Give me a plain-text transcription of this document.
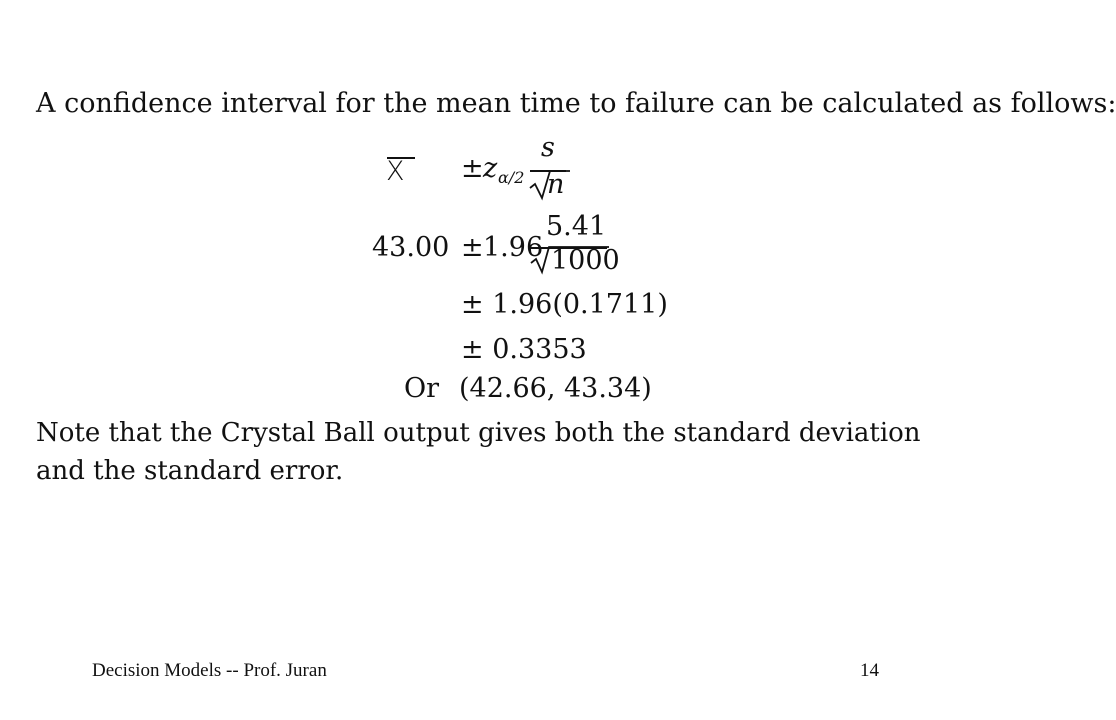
A confidence interval for the mean time to failure can be calculated as follows:
X ± z α/2
s
n
43.00 ± 1.96
5.41
1000
± 1.96(0.1711)
± 0.3353
Or (42.66, 43.34)
Note that the Crystal Ball output gives both the standard deviation and the standard error.
Decision Models -- Prof. Juran	14
